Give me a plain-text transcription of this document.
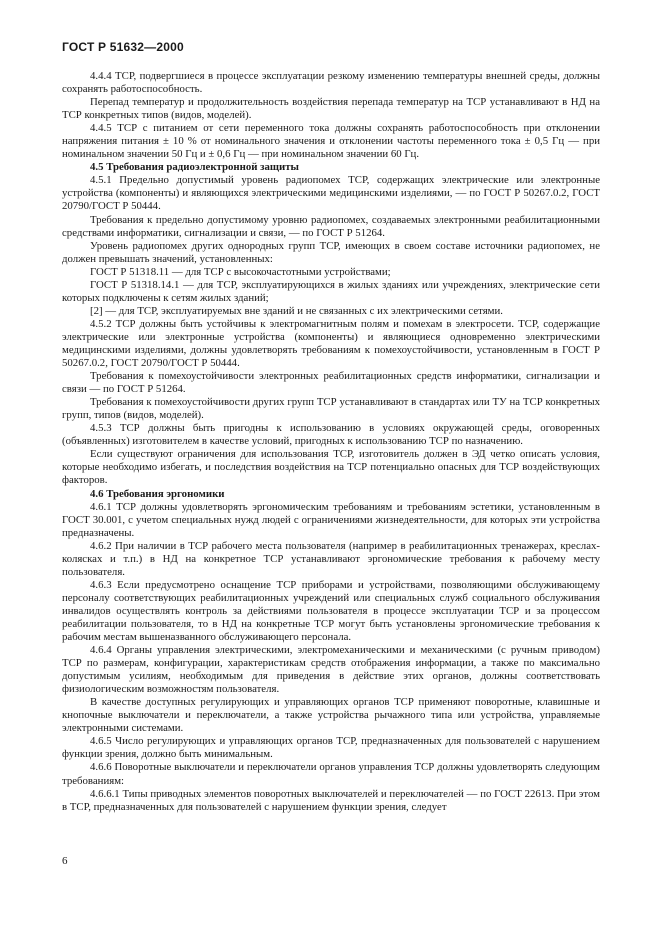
ГОСТ Р 51632—2000

4.4.4 ТСР, подвергшиеся в процессе эксплуатации резкому изменению температуры внешней среды, должны сохранять работоспособность.

Перепад температур и продолжительность воздействия перепада температур на ТСР устанавливают в НД на ТСР конкретных типов (видов, моделей).

4.4.5 ТСР с питанием от сети переменного тока должны сохранять работоспособность при отклонении напряжения питания ± 10 % от номинального значения и отклонении частоты переменного тока ± 0,5 Гц — при номинальном значении 50 Гц и ± 0,6 Гц — при номинальном значении 60 Гц.

4.5 Требования радиоэлектронной защиты

4.5.1 Предельно допустимый уровень радиопомех ТСР, содержащих электрические или электронные устройства (компоненты) и являющихся электрическими медицинскими изделиями, — по ГОСТ Р 50267.0.2, ГОСТ 20790/ГОСТ Р 50444.

Требования к предельно допустимому уровню радиопомех, создаваемых электронными реабилитационными средствами информатики, сигнализации и связи, — по ГОСТ Р 51264.

Уровень радиопомех других однородных групп ТСР, имеющих в своем составе источники радиопомех, не должен превышать значений, установленных:

ГОСТ Р 51318.11 — для ТСР с высокочастотными устройствами;

ГОСТ Р 51318.14.1 — для ТСР, эксплуатирующихся в жилых зданиях или учреждениях, электрические сети которых подключены к сетям жилых зданий;

[2] — для ТСР, эксплуатируемых вне зданий и не связанных с их электрическими сетями.

4.5.2 ТСР должны быть устойчивы к электромагнитным полям и помехам в электросети. ТСР, содержащие электрические или электронные устройства (компоненты) и являющиеся одновременно электрическими медицинскими изделиями, должны удовлетворять требованиям к помехоустойчивости, установленным в ГОСТ Р 50267.0.2, ГОСТ 20790/ГОСТ Р 50444.

Требования к помехоустойчивости электронных реабилитационных средств информатики, сигнализации и связи — по ГОСТ Р 51264.

Требования к помехоустойчивости других групп ТСР устанавливают в стандартах или ТУ на ТСР конкретных групп, типов (видов, моделей).

4.5.3 ТСР должны быть пригодны к использованию в условиях окружающей среды, оговоренных (объявленных) изготовителем в качестве условий, пригодных к использованию ТСР по назначению.

Если существуют ограничения для использования ТСР, изготовитель должен в ЭД четко описать условия, которые необходимо избегать, и последствия воздействия на ТСР потенциально опасных для ТСР воздействующих факторов.

4.6 Требования эргономики

4.6.1 ТСР должны удовлетворять эргономическим требованиям и требованиям эстетики, установленным в ГОСТ 30.001, с учетом специальных нужд людей с ограничениями жизнедеятельности, для которых эти устройства предназначены.

4.6.2 При наличии в ТСР рабочего места пользователя (например в реабилитационных тренажерах, креслах-колясках и т.п.) в НД на конкретное ТСР устанавливают эргономические требования к рабочему месту пользователя.

4.6.3 Если предусмотрено оснащение ТСР приборами и устройствами, позволяющими обслуживающему персоналу соответствующих реабилитационных учреждений или специальных служб социального обслуживания инвалидов осуществлять контроль за действиями пользователя в процессе эксплуатации ТСР и за процессом реабилитации пользователя, то в НД на конкретные ТСР могут быть установлены эргономические требования к рабочим местам вышеназванного обслуживающего персонала.

4.6.4 Органы управления электрическими, электромеханическими и механическими (с ручным приводом) ТСР по размерам, конфигурации, характеристикам средств отображения информации, а также по максимально допустимым усилиям, необходимым для приведения в действие этих органов, должны соответствовать физиологическим возможностям пользователя.

В качестве доступных регулирующих и управляющих органов ТСР применяют поворотные, клавишные и кнопочные выключатели и переключатели, а также устройства рычажного типа или устройства, управляемые электронными системами.

4.6.5 Число регулирующих и управляющих органов ТСР, предназначенных для пользователей с нарушением функции зрения, должно быть минимальным.

4.6.6 Поворотные выключатели и переключатели органов управления ТСР должны удовлетворять следующим требованиям:

4.6.6.1 Типы приводных элементов поворотных выключателей и переключателей — по ГОСТ 22613. При этом в ТСР, предназначенных для пользователей с нарушением функции зрения, следует

6
